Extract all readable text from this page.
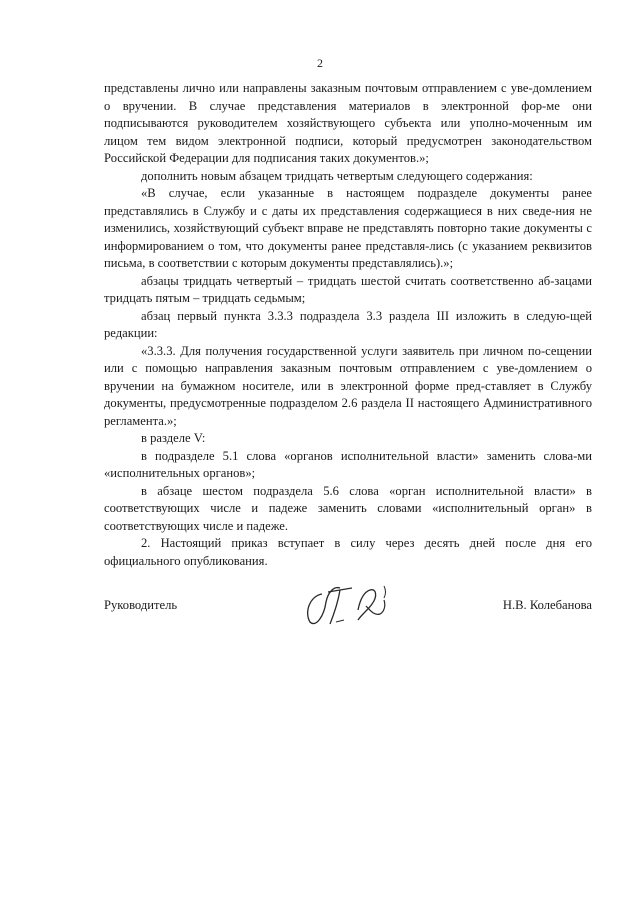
2

представлены лично или направлены заказным почтовым отправлением с уве-домлением о вручении. В случае представления материалов в электронной фор-ме они подписываются руководителем хозяйствующего субъекта или уполно-моченным им лицом тем видом электронной подписи, который предусмотрен законодательством Российской Федерации для подписания таких документов.»;

дополнить новым абзацем тридцать четвертым следующего содержания:

«В случае, если указанные в настоящем подразделе документы ранее представлялись в Службу и с даты их представления содержащиеся в них сведе-ния не изменились, хозяйствующий субъект вправе не представлять повторно такие документы с информированием о том, что документы ранее представля-лись (с указанием реквизитов письма, в соответствии с которым документы представлялись).»;

абзацы тридцать четвертый – тридцать шестой считать соответственно аб-зацами тридцать пятым – тридцать седьмым;

абзац первый пункта 3.3.3 подраздела 3.3 раздела III изложить в следую-щей редакции:

«3.3.3. Для получения государственной услуги заявитель при личном по-сещении или с помощью направления заказным почтовым отправлением с уве-домлением о вручении на бумажном носителе, или в электронной форме пред-ставляет в Службу документы, предусмотренные подразделом 2.6 раздела II настоящего Административного регламента.»;

в разделе V:

в подразделе 5.1 слова «органов исполнительной власти» заменить слова-ми «исполнительных органов»;

в абзаце шестом подраздела 5.6 слова «орган исполнительной власти» в соответствующих числе и падеже заменить словами «исполнительный орган» в соответствующих числе и падеже.

2. Настоящий приказ вступает в силу через десять дней после дня его официального опубликования.

Руководитель	Н.В. Колебанова
